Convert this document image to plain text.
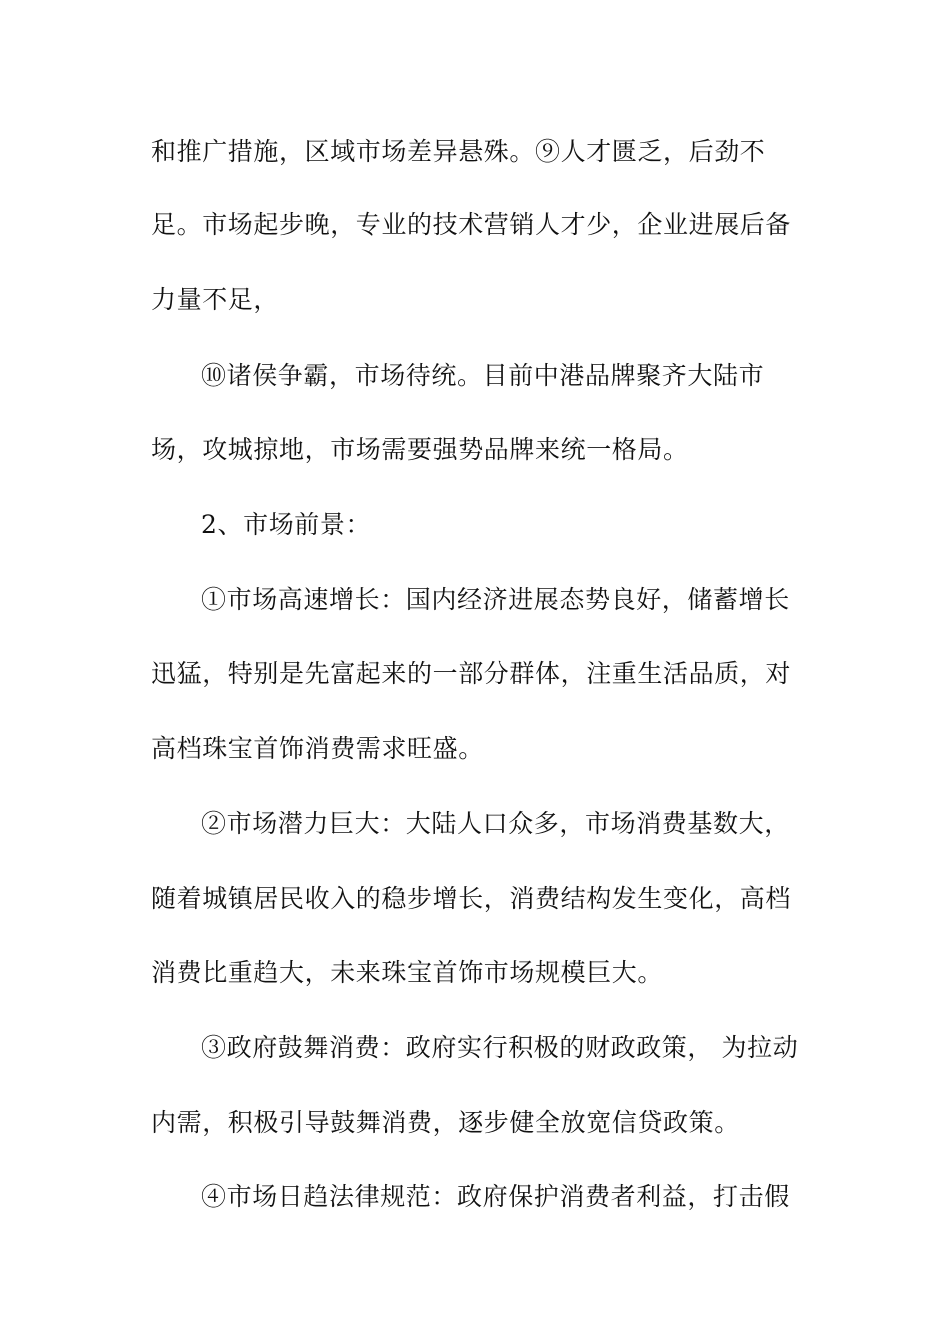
和推广措施，区域市场差异悬殊。⑨人才匮乏，后劲不
足。市场起步晚，专业的技术营销人才少，企业进展后备
力量不足，
⑩诸侯争霸，市场待统。目前中港品牌聚齐大陆市
场，攻城掠地，市场需要强势品牌来统一格局。
2、市场前景：
①市场高速增长：国内经济进展态势良好，储蓄增长
迅猛，特别是先富起来的一部分群体，注重生活品质，对
高档珠宝首饰消费需求旺盛。
②市场潜力巨大：大陆人口众多，市场消费基数大，
随着城镇居民收入的稳步增长，消费结构发生变化，高档
消费比重趋大，未来珠宝首饰市场规模巨大。
③政府鼓舞消费：政府实行积极的财政政策， 为拉动
内需，积极引导鼓舞消费，逐步健全放宽信贷政策。
④市场日趋法律规范：政府保护消费者利益，打击假
